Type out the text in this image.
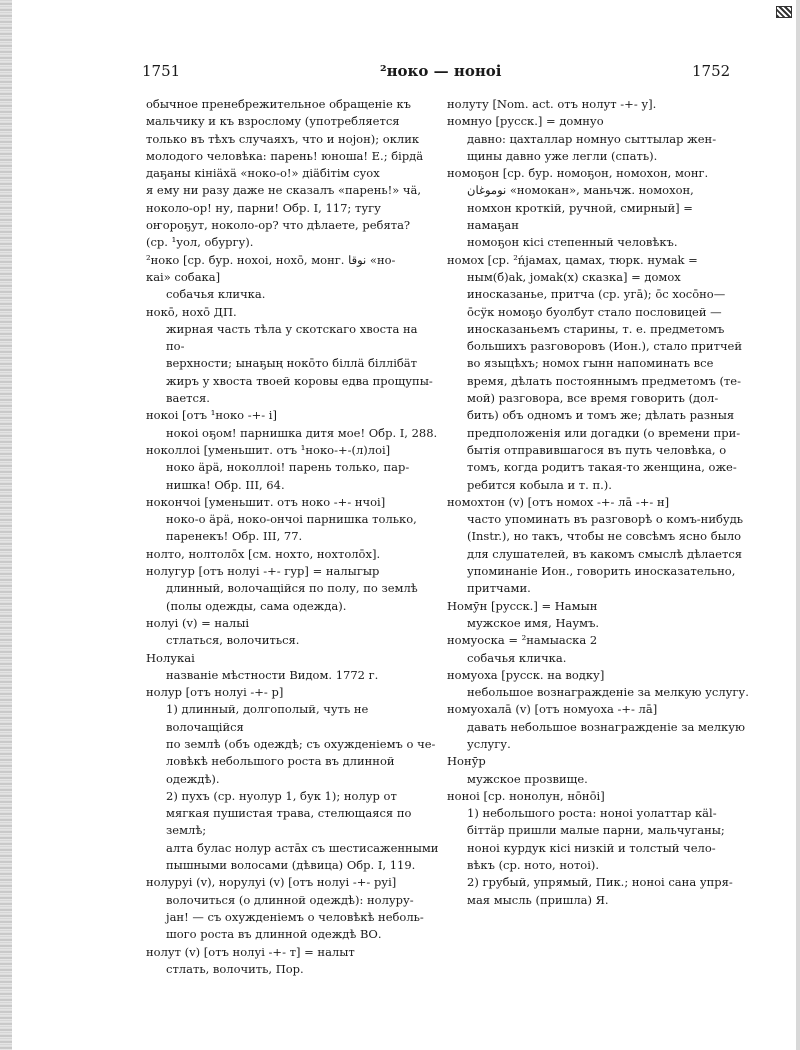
1751	²ноко — нонoi	1752
обычное пренебрежительное обращеніе къ
мальчику и къ взрослому (употребляется
только въ тѣхъ случаяхъ, что и ноjон); оклик
молодого человѣка: парень! юноша! Е.; бірдä
даҕаны кініäхä «ноко-о!» дiäбiтiм суох
я ему ни разу даже не сказалъ «парень!» чä,
ноколо-ор! ну, парни! Обр. I, 117; тугу
оҥороҕут, ноколо-ор? что дѣлаете, ребята?
(ср. ¹уол, обургу).
²ноко [ср. бур. нохоi, нохō, монг. ﻧﻮﻗﺎ «но-
каi» собака]
собачья кличка.
нокō, нохō ДП.
жирная часть тѣла у скотскаго хвоста на по-
верхности; ынаҕың нокōто бiллä бiллiбäт
жиръ у хвоста твоей коровы едва прощупы-
вается.
нокоi [отъ ¹ноко -+- i]
нокоi оҕом! парнишка дитя мое! Обр. I, 288.
ноколлоi [уменьшит. отъ ¹ноко-+-(л)лоi]
ноко äрä, ноколлоi! парень только, пар-
нишка! Обр. III, 64.
нокончоi [уменьшит. отъ ноко -+- нчоi]
ноко-о äрä, ноко-ончоi парнишка только,
паренекъ! Обр. III, 77.
нолто, нолтолōх [см. нохто, нохтолōх].
нолугур [отъ нолуi -+- гур] = налыгыр
длинный, волочащійся по полу, по землѣ
(полы одежды, сама одежда).
нолуi (v) = налыi
стлаться, волочиться.
Нолукаi
названіе мѣстности Видом. 1772 г.
нолур [отъ нолуi -+- р]
1) длинный, долгополый, чуть не волочащійся
по землѣ (объ одеждѣ; съ охужденіемъ о че-
ловѣкѣ небольшого роста въ длинной одеждѣ).
2) пухъ (ср. нуолур 1, бук 1); нолур от
мягкая пушистая трава, стелющаяся по землѣ;
алта булас нолур астāх съ шестисаженными
пышными волосами (дѣвица) Обр. I, 119.
нолуруi (v), норулуi (v) [отъ нолуi -+- руi]
волочиться (о длинной одеждѣ): нолуру-
jан! — съ охужденіемъ о человѣкѣ неболь-
шого роста въ длинной одеждѣ ВО.
нолут (v) [отъ нолуi -+- т] = налыт
стлать, волочить, Пор.
нолуту [Nom. act. отъ нолут -+- у].
номнуо [русск.] = домнуо
давно: цахталлар номнуо сыттылар жен-
щины давно уже легли (спать).
номоҕон [ср. бур. номоҕон, номохон, монг.
ﻧﻮﻣﻮﻏﺎﻥ «номокан», маньчж. номохон,
номхон кроткiй, ручной, смирный] =
намаҕан
номоҕон кiсi степенный человѣкъ.
номох [ср. ²ńjамах, цамах, тюрк. нумаk =
ным(б)аk, jомаk(х) сказка] = домох
иносказанье, притча (ср. угā); ōс хосōно—
ōсӱк номоҕо буолбут стало пословицей —
иносказаньемъ старины, т. е. предметомъ
большихъ разговоровъ (Ион.), стало притчей
во языцѣхъ; номох гынн напоминать все
время, дѣлать постояннымъ предметомъ (те-
мой) разговора, все время говорить (дол-
бить) объ одномъ и томъ же; дѣлать разныя
предположенія или догадки (о времени при-
бытiя отправившагося въ путь человѣка, о
томъ, когда родитъ такая-то женщина, оже-
ребится кобыла и т. п.).
номохтон (v) [отъ номох -+- лā -+- н]
часто упоминать въ разговорѣ о комъ-нибудь
(Instr.), но такъ, чтобы не совсѣмъ ясно было
для слушателей, въ какомъ смыслѣ дѣлается
упоминанiе Ион., говорить иносказательно,
притчами.
Номӯн [русск.] = Намын
мужское имя, Наумъ.
номуоска = ²намыаска 2
собачья кличка.
номуоха [русск. на водку]
небольшое вознагражденiе за мелкую услугу.
номуохалā (v) [отъ номуоха -+- лā]
давать небольшое вознагражденiе за мелкую
услугу.
Нонӯр
мужское прозвище.
нонoi [ср. нонолун, нōнōi]
1) небольшого роста: нонoi уолаттар кäl-
бiттäр пришли малые парни, мальчуганы;
нонoi курдук кiсi низкiй и толстый чело-
вѣкъ (ср. нотo, нотоi).
2) грубый, упрямый, Пик.; нонoi сана упря-
мая мысль (пришла) Я.
